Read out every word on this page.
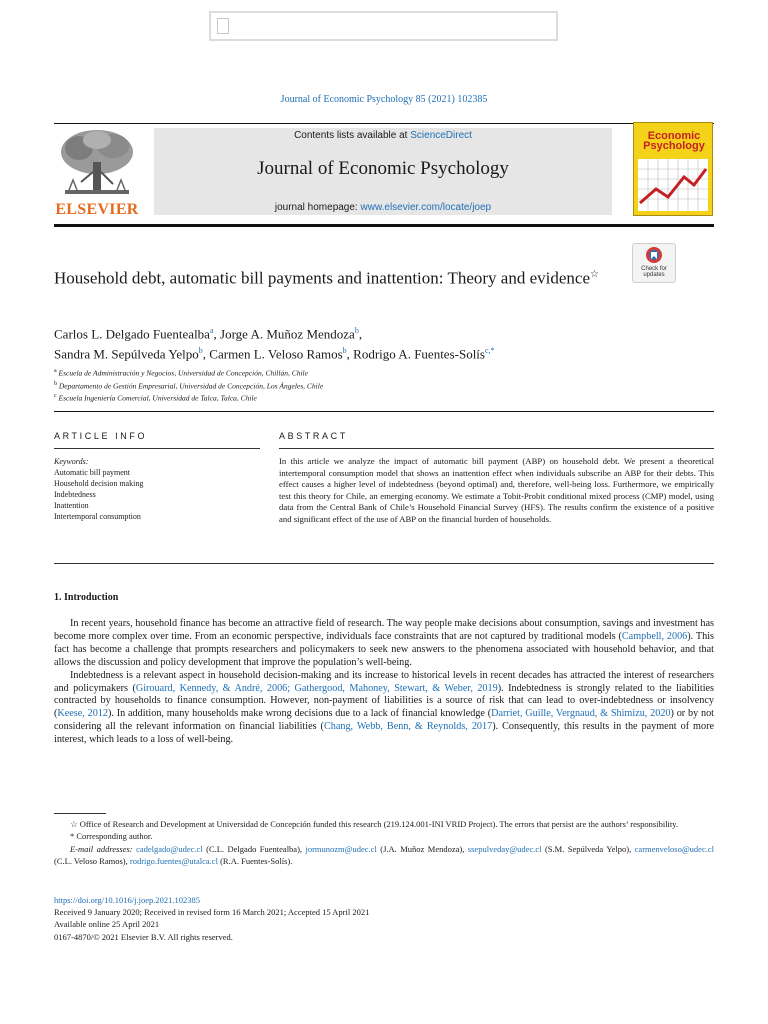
Journal of Economic Psychology 85 (2021) 102385
ELSEVIER
Contents lists available at ScienceDirect
Journal of Economic Psychology
journal homepage: www.elsevier.com/locate/joep
Economic Psychology
Check for updates
Household debt, automatic bill payments and inattention: Theory and evidence☆
Carlos L. Delgado Fuentealba$^a$, Jorge A. Muñoz Mendoza$^b$,
Sandra M. Sepúlveda Yelpo$^b$, Carmen L. Veloso Ramos$^b$, Rodrigo A. Fuentes-Solís$^{c,*}$
$^a$ Escuela de Administración y Negocios, Universidad de Concepción, Chillán, Chile
$^b$ Departamento de Gestión Empresarial, Universidad de Concepción, Los Ángeles, Chile
$^c$ Escuela Ingeniería Comercial, Universidad de Talca, Talca, Chile
ARTICLE INFO	ABSTRACT
Keywords:
Automatic bill payment
Household decision making
Indebtedness
Inattention
Intertemporal consumption
In this article we analyze the impact of automatic bill payment (ABP) on household debt. We present a theoretical intertemporal consumption model that shows an inattention effect when individuals subscribe an ABP for their debts. This effect causes a higher level of indebtedness (beyond optimal) and, therefore, well-being loss. Furthermore, we empirically test this theory for Chile, an emerging economy. We estimate a Tobit-Probit conditional mixed process (CMP) model, using data from the Central Bank of Chile’s Household Financial Survey (HFS). The results confirm the existence of a positive and significant effect of the use of ABP on the financial burden of households.
1. Introduction

In recent years, household finance has become an attractive field of research. The way people make decisions about consumption, savings and investment has become more complex over time. From an economic perspective, individuals face constraints that are not captured by traditional models (Campbell, 2006). This fact has become a challenge that prompts researchers and policymakers to seek new answers to the phenomena associated with household behavior, and that allows the discussion and policy development that improve the population’s well-being.

Indebtedness is a relevant aspect in household decision-making and its increase to historical levels in recent decades has attracted the interest of researchers and policymakers (Girouard, Kennedy, & André, 2006; Gathergood, Mahoney, Stewart, & Weber, 2019). Indebtedness is strongly related to the liabilities contracted by households to finance consumption. However, non-payment of liabilities is a source of risk that can lead to over-indebtedness or insolvency (Keese, 2012). In addition, many households make wrong decisions due to a lack of financial knowledge (Darriet, Guille, Vergnaud, & Shimizu, 2020) or by not considering all the relevant information on financial liabilities (Chang, Webb, Benn, & Reynolds, 2017). Consequently, this results in the payment of more interest, which leads to a loss of well-being.

☆ Office of Research and Development at Universidad de Concepción funded this research (219.124.001-INI VRID Project). The errors that persist are the authors’ responsibility.

* Corresponding author.

E-mail addresses: cadelgado@udec.cl (C.L. Delgado Fuentealba), jormunozm@udec.cl (J.A. Muñoz Mendoza), ssepulveday@udec.cl (S.M. Sepúlveda Yelpo), carmenveloso@udec.cl (C.L. Veloso Ramos), rodrigo.fuentes@utalca.cl (R.A. Fuentes-Solís).

https://doi.org/10.1016/j.joep.2021.102385
Received 9 January 2020; Received in revised form 16 March 2021; Accepted 15 April 2021
Available online 25 April 2021
0167-4870/© 2021 Elsevier B.V. All rights reserved.
